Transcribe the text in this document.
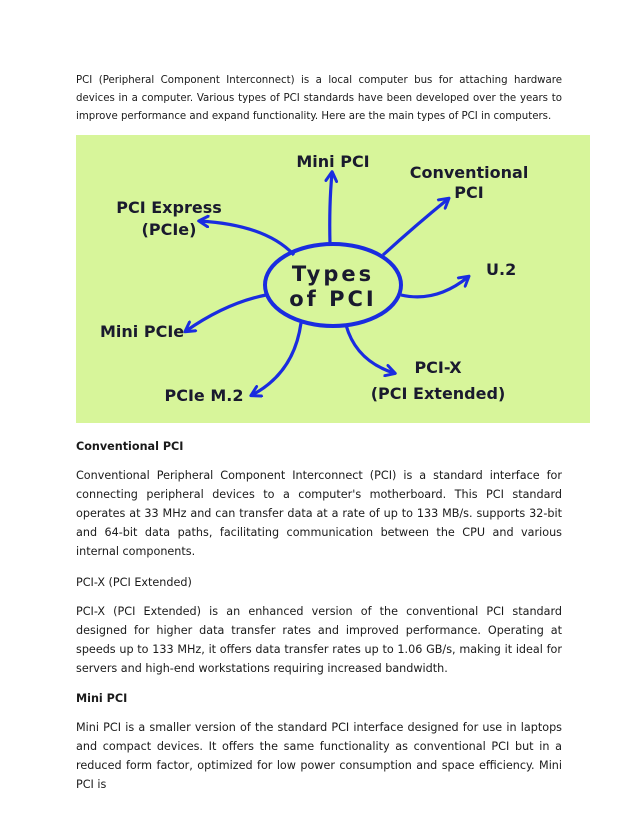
PCI (Peripheral Component Interconnect) is a local computer bus for attaching hardware devices in a computer. Various types of PCI standards have been developed over the years to improve performance and expand functionality. Here are the main types of PCI in computers.

Types
of PCI
Mini PCI
Conventional
PCI
PCI Express
(PCIe)
U.2
Mini PCIe
PCI-X
(PCI Extended)
PCIe M.2
Conventional PCI

Conventional Peripheral Component Interconnect (PCI) is a standard interface for connecting peripheral devices to a computer's motherboard. This PCI standard operates at 33 MHz and can transfer data at a rate of up to 133 MB/s. supports 32-bit and 64-bit data paths, facilitating communication between the CPU and various internal components.

PCI-X (PCI Extended)

PCI-X (PCI Extended) is an enhanced version of the conventional PCI standard designed for higher data transfer rates and improved performance. Operating at speeds up to 133 MHz, it offers data transfer rates up to 1.06 GB/s, making it ideal for servers and high-end workstations requiring increased bandwidth.

Mini PCI

Mini PCI is a smaller version of the standard PCI interface designed for use in laptops and compact devices. It offers the same functionality as conventional PCI but in a reduced form factor, optimized for low power consumption and space efficiency. Mini PCI is
